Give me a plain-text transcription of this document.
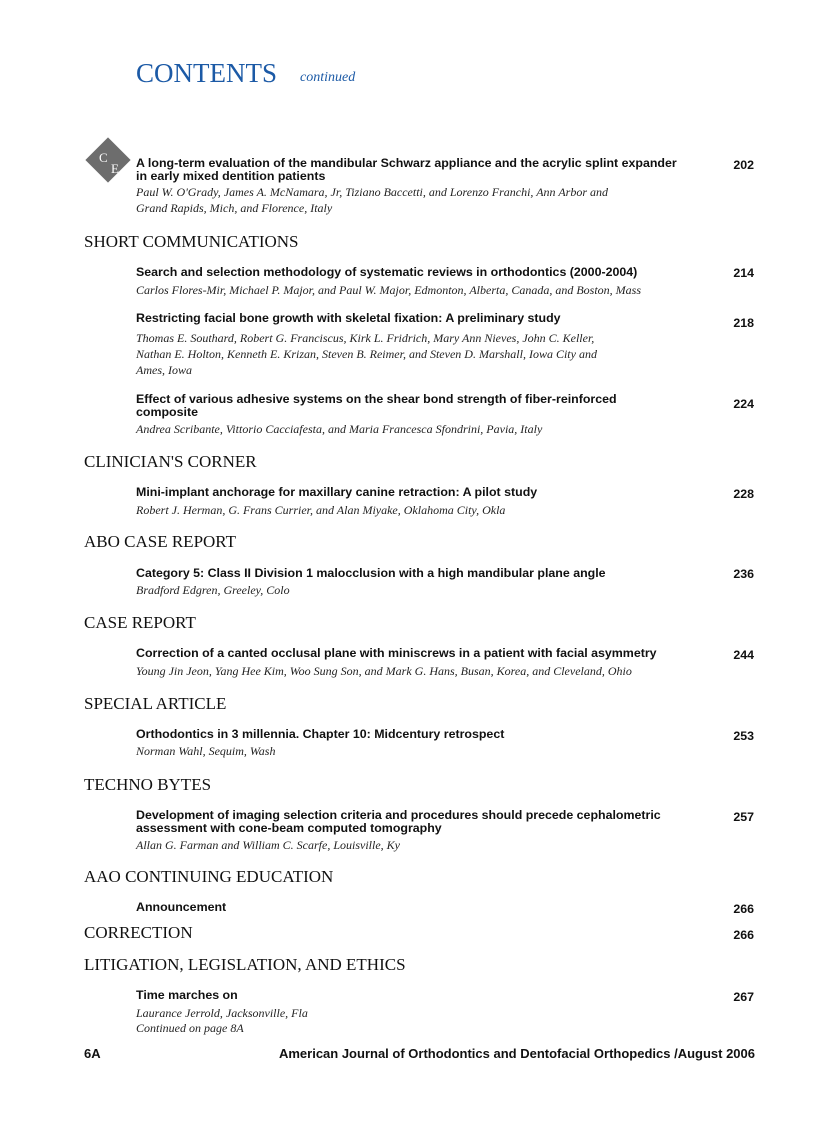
CONTENTS continued
C
E A long-term evaluation of the mandibular Schwarz appliance and the acrylic splint expander
in early mixed dentition patients
Paul W. O'Grady, James A. McNamara, Jr, Tiziano Baccetti, and Lorenzo Franchi, Ann Arbor and
Grand Rapids, Mich, and Florence, Italy
202
SHORT COMMUNICATIONS
Search and selection methodology of systematic reviews in orthodontics (2000-2004)
Carlos Flores-Mir, Michael P. Major, and Paul W. Major, Edmonton, Alberta, Canada, and Boston, Mass
214
Restricting facial bone growth with skeletal fixation: A preliminary study
Thomas E. Southard, Robert G. Franciscus, Kirk L. Fridrich, Mary Ann Nieves, John C. Keller,
Nathan E. Holton, Kenneth E. Krizan, Steven B. Reimer, and Steven D. Marshall, Iowa City and
Ames, Iowa
218
Effect of various adhesive systems on the shear bond strength of fiber-reinforced
composite
Andrea Scribante, Vittorio Cacciafesta, and Maria Francesca Sfondrini, Pavia, Italy
224
CLINICIAN'S CORNER
Mini-implant anchorage for maxillary canine retraction: A pilot study
Robert J. Herman, G. Frans Currier, and Alan Miyake, Oklahoma City, Okla
228
ABO CASE REPORT
Category 5: Class II Division 1 malocclusion with a high mandibular plane angle
Bradford Edgren, Greeley, Colo
236
CASE REPORT
Correction of a canted occlusal plane with miniscrews in a patient with facial asymmetry
Young Jin Jeon, Yang Hee Kim, Woo Sung Son, and Mark G. Hans, Busan, Korea, and Cleveland, Ohio
244
SPECIAL ARTICLE
Orthodontics in 3 millennia. Chapter 10: Midcentury retrospect
Norman Wahl, Sequim, Wash
253
TECHNO BYTES
Development of imaging selection criteria and procedures should precede cephalometric
assessment with cone-beam computed tomography
Allan G. Farman and William C. Scarfe, Louisville, Ky
257
AAO CONTINUING EDUCATION
Announcement	266
CORRECTION	266
LITIGATION, LEGISLATION, AND ETHICS
Time marches on
Laurance Jerrold, Jacksonville, Fla
267
Continued on page 8A
6A	American Journal of Orthodontics and Dentofacial Orthopedics /August 2006
